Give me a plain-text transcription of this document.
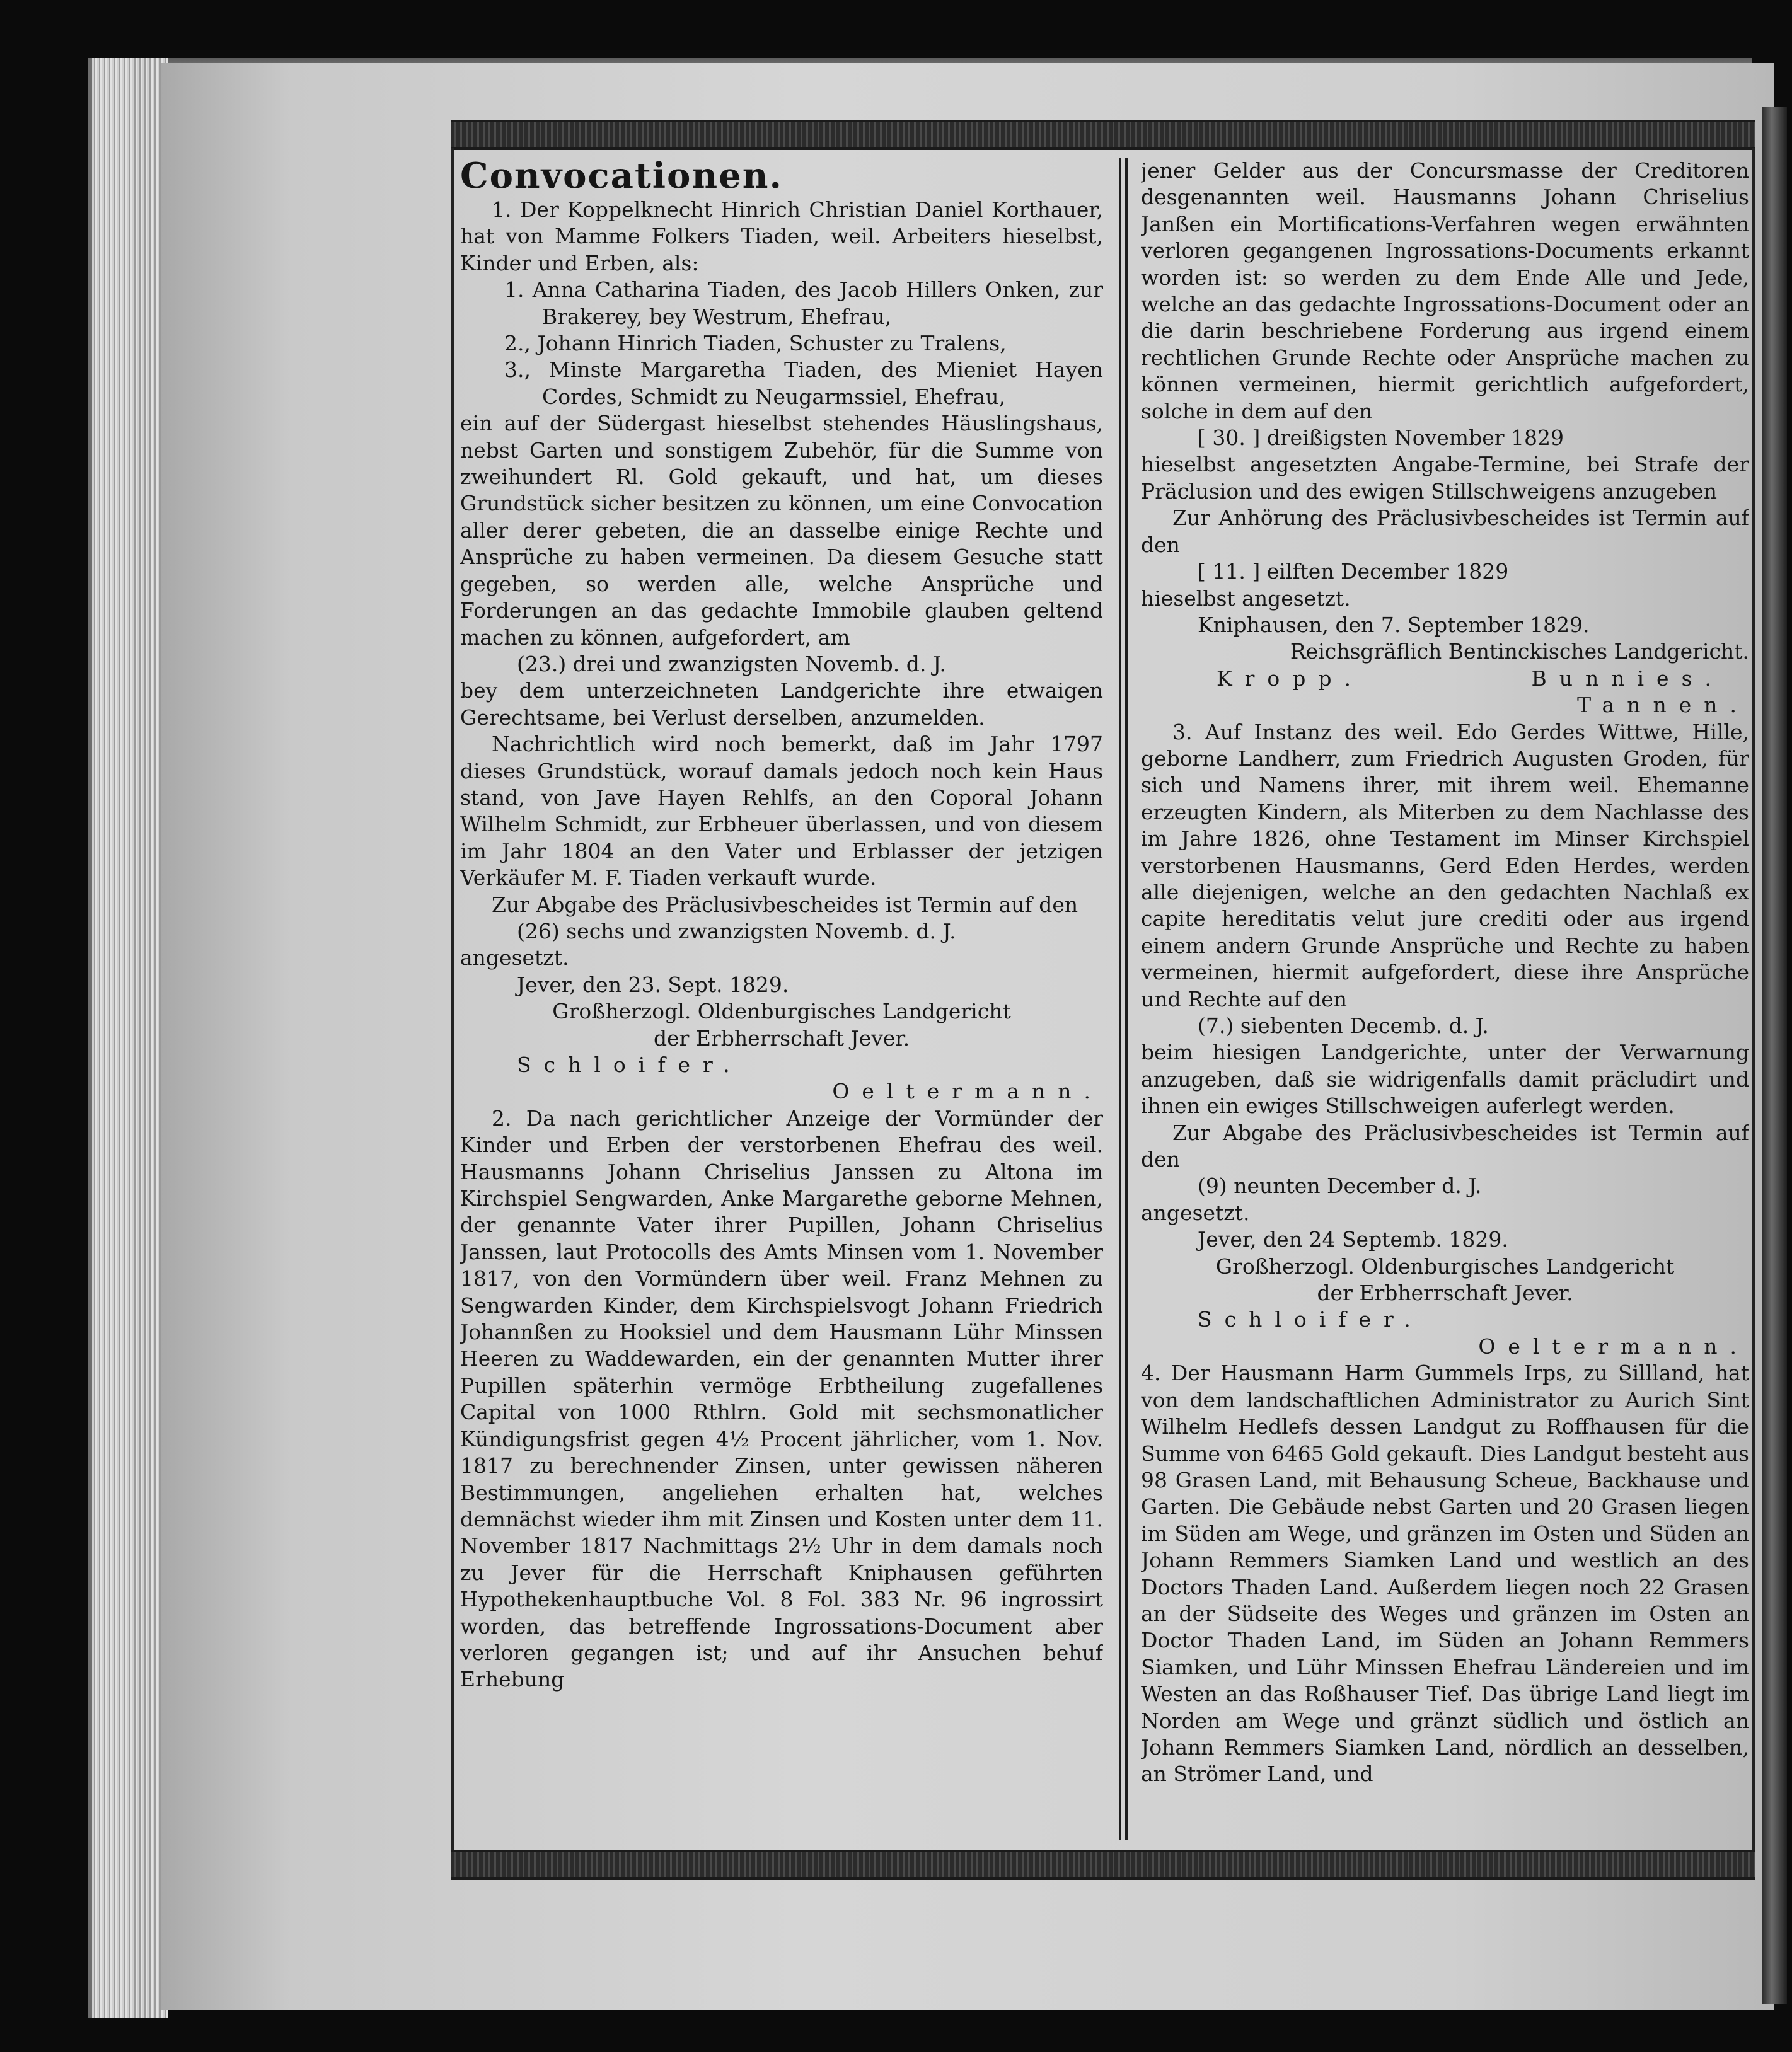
Convocationen.

1. Der Koppelknecht Hinrich Christian Daniel Korthauer, hat von Mamme Folkers Tiaden, weil. Arbeiters hieselbst, Kinder und Erben, als:

1. Anna Catharina Tiaden, des Jacob Hillers Onken, zur Brakerey, bey Westrum, Ehefrau,

2., Johann Hinrich Tiaden, Schuster zu Tralens,

3., Minste Margaretha Tiaden, des Mieniet Hayen Cordes, Schmidt zu Neugarmssiel, Ehefrau,

ein auf der Südergast hieselbst stehendes Häuslingshaus, nebst Garten und sonstigem Zubehör, für die Summe von zweihundert Rl. Gold gekauft, und hat, um dieses Grundstück sicher besitzen zu können, um eine Convocation aller derer gebeten, die an dasselbe einige Rechte und Ansprüche zu haben vermeinen. Da diesem Gesuche statt gegeben, so werden alle, welche Ansprüche und Forderungen an das gedachte Immobile glauben geltend machen zu können, aufgefordert, am

(23.) drei und zwanzigsten Novemb. d. J.

bey dem unterzeichneten Landgerichte ihre etwaigen Gerechtsame, bei Verlust derselben, anzumelden.

Nachrichtlich wird noch bemerkt, daß im Jahr 1797 dieses Grundstück, worauf damals jedoch noch kein Haus stand, von Jave Hayen Rehlfs, an den Coporal Johann Wilhelm Schmidt, zur Erbheuer überlassen, und von diesem im Jahr 1804 an den Vater und Erblasser der jetzigen Verkäufer M. F. Tiaden verkauft wurde.

Zur Abgabe des Präclusivbescheides ist Termin auf den

(26) sechs und zwanzigsten Novemb. d. J.

angesetzt.

Jever, den 23. Sept. 1829.

Großherzogl. Oldenburgisches Landgericht

der Erbherrschaft Jever.

Schloifer.

Oeltermann.

2. Da nach gerichtlicher Anzeige der Vormünder der Kinder und Erben der verstorbenen Ehefrau des weil. Hausmanns Johann Chriselius Janssen zu Altona im Kirchspiel Sengwarden, Anke Margarethe geborne Mehnen, der genannte Vater ihrer Pupillen, Johann Chriselius Janssen, laut Protocolls des Amts Minsen vom 1. November 1817, von den Vormündern über weil. Franz Mehnen zu Sengwarden Kinder, dem Kirchspielsvogt Johann Friedrich Johannßen zu Hooksiel und dem Hausmann Lühr Minssen Heeren zu Waddewarden, ein der genannten Mutter ihrer Pupillen späterhin vermöge Erbtheilung zugefallenes Capital von 1000 Rthlrn. Gold mit sechsmonatlicher Kündigungsfrist gegen 4½ Procent jährlicher, vom 1. Nov. 1817 zu berechnender Zinsen, unter gewissen näheren Bestimmungen, angeliehen erhalten hat, welches demnächst wieder ihm mit Zinsen und Kosten unter dem 11. November 1817 Nachmittags 2½ Uhr in dem damals noch zu Jever für die Herrschaft Kniphausen geführten Hypothekenhauptbuche Vol. 8 Fol. 383 Nr. 96 ingrossirt worden, das betreffende Ingrossations-Document aber verloren gegangen ist; und auf ihr Ansuchen behuf Erhebung

jener Gelder aus der Concursmasse der Creditoren desgenannten weil. Hausmanns Johann Chriselius Janßen ein Mortifications-Verfahren wegen erwähnten verloren gegangenen Ingrossations-Documents erkannt worden ist: so werden zu dem Ende Alle und Jede, welche an das gedachte Ingrossations-Document oder an die darin beschriebene Forderung aus irgend einem rechtlichen Grunde Rechte oder Ansprüche machen zu können vermeinen, hiermit gerichtlich aufgefordert, solche in dem auf den

[ 30. ] dreißigsten November 1829

hieselbst angesetzten Angabe-Termine, bei Strafe der Präclusion und des ewigen Stillschweigens anzugeben

Zur Anhörung des Präclusivbescheides ist Termin auf den

[ 11. ] eilften December 1829

hieselbst angesetzt.

Kniphausen, den 7. September 1829.

Reichsgräflich Bentinckisches Landgericht.

Kropp.	Bunnies.

Tannen.

3. Auf Instanz des weil. Edo Gerdes Wittwe, Hille, geborne Landherr, zum Friedrich Augusten Groden, für sich und Namens ihrer, mit ihrem weil. Ehemanne erzeugten Kindern, als Miterben zu dem Nachlasse des im Jahre 1826, ohne Testament im Minser Kirchspiel verstorbenen Hausmanns, Gerd Eden Herdes, werden alle diejenigen, welche an den gedachten Nachlaß ex capite hereditatis velut jure crediti oder aus irgend einem andern Grunde Ansprüche und Rechte zu haben vermeinen, hiermit aufgefordert, diese ihre Ansprüche und Rechte auf den

(7.) siebenten Decemb. d. J.

beim hiesigen Landgerichte, unter der Verwarnung anzugeben, daß sie widrigenfalls damit präcludirt und ihnen ein ewiges Stillschweigen auferlegt werden.

Zur Abgabe des Präclusivbescheides ist Termin auf den

(9) neunten December d. J.

angesetzt.

Jever, den 24 Septemb. 1829.

Großherzogl. Oldenburgisches Landgericht

der Erbherrschaft Jever.

Schloifer.

Oeltermann.

4. Der Hausmann Harm Gummels Irps, zu Sillland, hat von dem landschaftlichen Administrator zu Aurich Sint Wilhelm Hedlefs dessen Landgut zu Roffhausen für die Summe von 6465 Gold gekauft. Dies Landgut besteht aus 98 Grasen Land, mit Behausung Scheue, Backhause und Garten. Die Gebäude nebst Garten und 20 Grasen liegen im Süden am Wege, und gränzen im Osten und Süden an Johann Remmers Siamken Land und westlich an des Doctors Thaden Land. Außerdem liegen noch 22 Grasen an der Südseite des Weges und gränzen im Osten an Doctor Thaden Land, im Süden an Johann Remmers Siamken, und Lühr Minssen Ehefrau Ländereien und im Westen an das Roßhauser Tief. Das übrige Land liegt im Norden am Wege und gränzt südlich und östlich an Johann Remmers Siamken Land, nördlich an desselben, an Strömer Land, und
